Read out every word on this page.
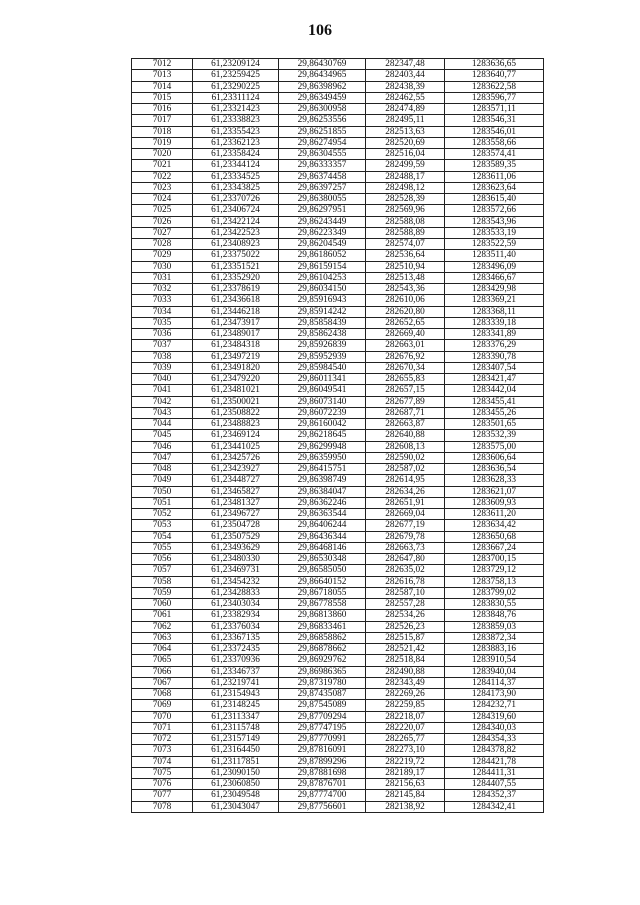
106
7012	61,23209124	29,86430769	282347,48	1283636,65
7013	61,23259425	29,86434965	282403,44	1283640,77
7014	61,23290225	29,86398962	282438,39	1283622,58
7015	61,23311124	29,86349459	282462,55	1283596,77
7016	61,23321423	29,86300958	282474,89	1283571,11
7017	61,23338823	29,86253556	282495,11	1283546,31
7018	61,23355423	29,86251855	282513,63	1283546,01
7019	61,23362123	29,86274954	282520,69	1283558,66
7020	61,23358424	29,86304555	282516,04	1283574,41
7021	61,23344124	29,86333357	282499,59	1283589,35
7022	61,23334525	29,86374458	282488,17	1283611,06
7023	61,23343825	29,86397257	282498,12	1283623,64
7024	61,23370726	29,86380055	282528,39	1283615,40
7025	61,23406724	29,86297951	282569,96	1283572,66
7026	61,23422124	29,86243449	282588,08	1283543,96
7027	61,23422523	29,86223349	282588,89	1283533,19
7028	61,23408923	29,86204549	282574,07	1283522,59
7029	61,23375022	29,86186052	282536,64	1283511,40
7030	61,23351521	29,86159154	282510,94	1283496,09
7031	61,23352920	29,86104253	282513,48	1283466,67
7032	61,23378619	29,86034150	282543,36	1283429,98
7033	61,23436618	29,85916943	282610,06	1283369,21
7034	61,23446218	29,85914242	282620,80	1283368,11
7035	61,23473917	29,85858439	282652,65	1283339,18
7036	61,23489017	29,85862438	282669,40	1283341,89
7037	61,23484318	29,85926839	282663,01	1283376,29
7038	61,23497219	29,85952939	282676,92	1283390,78
7039	61,23491820	29,85984540	282670,34	1283407,54
7040	61,23479220	29,86011341	282655,83	1283421,47
7041	61,23481021	29,86049541	282657,15	1283442,04
7042	61,23500021	29,86073140	282677,89	1283455,41
7043	61,23508822	29,86072239	282687,71	1283455,26
7044	61,23488823	29,86160042	282663,87	1283501,65
7045	61,23469124	29,86218645	282640,88	1283532,39
7046	61,23441025	29,86299948	282608,13	1283575,00
7047	61,23425726	29,86359950	282590,02	1283606,64
7048	61,23423927	29,86415751	282587,02	1283636,54
7049	61,23448727	29,86398749	282614,95	1283628,33
7050	61,23465827	29,86384047	282634,26	1283621,07
7051	61,23481327	29,86362246	282651,91	1283609,93
7052	61,23496727	29,86363544	282669,04	1283611,20
7053	61,23504728	29,86406244	282677,19	1283634,42
7054	61,23507529	29,86436344	282679,78	1283650,68
7055	61,23493629	29,86468146	282663,73	1283667,24
7056	61,23480330	29,86530348	282647,80	1283700,15
7057	61,23469731	29,86585050	282635,02	1283729,12
7058	61,23454232	29,86640152	282616,78	1283758,13
7059	61,23428833	29,86718055	282587,10	1283799,02
7060	61,23403034	29,86778558	282557,28	1283830,55
7061	61,23382934	29,86813860	282534,26	1283848,76
7062	61,23376034	29,86833461	282526,23	1283859,03
7063	61,23367135	29,86858862	282515,87	1283872,34
7064	61,23372435	29,86878662	282521,42	1283883,16
7065	61,23370936	29,86929762	282518,84	1283910,54
7066	61,23346737	29,86986365	282490,88	1283940,04
7067	61,23219741	29,87319780	282343,49	1284114,37
7068	61,23154943	29,87435087	282269,26	1284173,90
7069	61,23148245	29,87545089	282259,85	1284232,71
7070	61,23113347	29,87709294	282218,07	1284319,60
7071	61,23115748	29,87747195	282220,07	1284340,03
7072	61,23157149	29,87770991	282265,77	1284354,33
7073	61,23164450	29,87816091	282273,10	1284378,82
7074	61,23117851	29,87899296	282219,72	1284421,78
7075	61,23090150	29,87881698	282189,17	1284411,31
7076	61,23060850	29,87876701	282156,63	1284407,55
7077	61,23049548	29,87774700	282145,84	1284352,37
7078	61,23043047	29,87756601	282138,92	1284342,41
